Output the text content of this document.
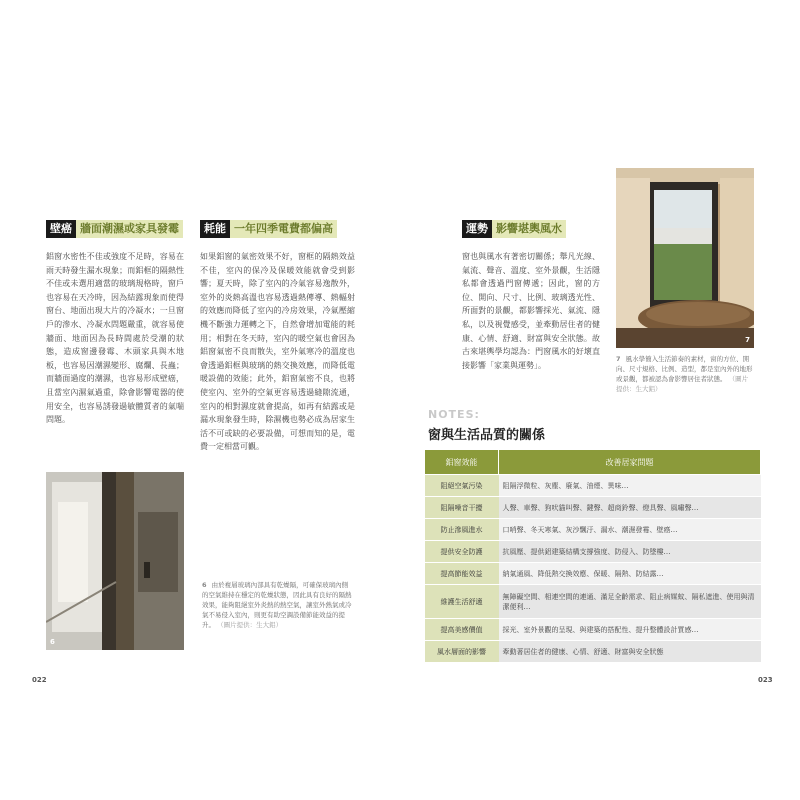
壁癌 牆面潮濕或家具發霉
鋁窗水密性不佳或強度不足時，容易在雨天時發生漏水現象；而鋁框的隔熱性不佳或未選用適當的玻璃規格時，窗戶也容易在天冷時，因為結露現象而使得窗台、地面出現大片的冷凝水；一旦窗戶的滲水、冷凝水問題嚴重，就容易使牆面、地面因為長時間處於受潮的狀態，造成窗邊發霉、木頭家具與木地板，也容易因潮濕變形、腐爛、長蟲；而牆面過度的潮濕，也容易形成壁癌，且當室內濕氣過重，除會影響電器的使用安全，也容易誘發過敏體質者的氣喘問題。
耗能 一年四季電費都偏高
如果鋁窗的氣密效果不好，窗框的隔熱效益不佳，室內的保冷及保暖效能就會受到影響；夏天時，除了室內的冷氣容易逸散外，室外的炎熱高溫也容易透過熱傳導、熱輻射的效應而降低了室內的冷房效果，冷氣壓縮機不斷強力運轉之下，自然會增加電能的耗用；相對在冬天時，室內的暖空氣也會因為鋁窗氣密不良而散失，室外氣寒冷的溫度也會透過鋁框與玻璃的熱交換效應，而降低電暖設備的效能；此外，鋁窗氣密不良，也將使室內、室外的空氣更容易透過縫隙流通，室內的相對濕度就會提高，如再有結露或是漏水現象發生時，除濕機也勢必成為居家生活不可或缺的必要設備，可想而知的是，電費一定相當可觀。
6
6 由於複層玻璃內部具有乾燥隔，可確保玻璃內側的空氣維持在穩定的乾燥狀態，因此具有良好的隔熱效果，能夠阻絕室外炎熱的熱空氣，讓室外熱氣或冷氣不易侵入室內，則更有助空調設備節能效益的提升。 （圖片提供：生大鋁）
022
運勢 影響堪輿風水
窗也與風水有著密切關係；舉凡光線、氣流、聲音、溫度、室外景觀，生活隱私都會透過門窗傳遞；因此，窗的方位、開向、尺寸、比例、玻璃透光性、所面對的景觀，都影響採光、氣流、隱私，以及視覺感受，並牽動居住者的健康、心情、舒適、財富與安全狀態。故古來堪輿學均認為：門窗風水的好壞直接影響「家業與運勢」。
7
7 風水學簡入生活節奏的素材，窗的方位、開向、尺寸規格、比例、造型，都是室內外的地形或景觀，都被認為會影響居住者狀態。 （圖片提供：生大鋁）
NOTES:
窗與生活品質的關係
鋁窗效能	改善居家問題
阻絕空氣污染	阻隔浮微粒、灰塵、廢氣、油煙、異味…
阻隔噪音干擾	人聲、車聲、狗吠貓叫聲、鍵聲、超商鈴聲、燈具聲、風嘯聲…
防止滲風進水	口哨聲、冬天寒氣、灰沙飄汙、漏水、潮濕發霉、壁癌…
提供安全防護	抗風壓、提供鋁建築結構支撐強度、防侵入、防墜樓…
提高節能效益	納氣通風、降低熱交換效應、保暖、隔熱、防結露…
維護生活舒適	無障礙空間、相連空間的連通、滿足全齡需求、阻止病媒蚊、隔私遮進、使用與清潔便利…
提高美感價值	採光、室外景觀的呈現、與建築的搭配性、提升整體設計質感…
風水層面的影響	牽動著居住者的健康、心情、舒適、財富與安全狀態
023
